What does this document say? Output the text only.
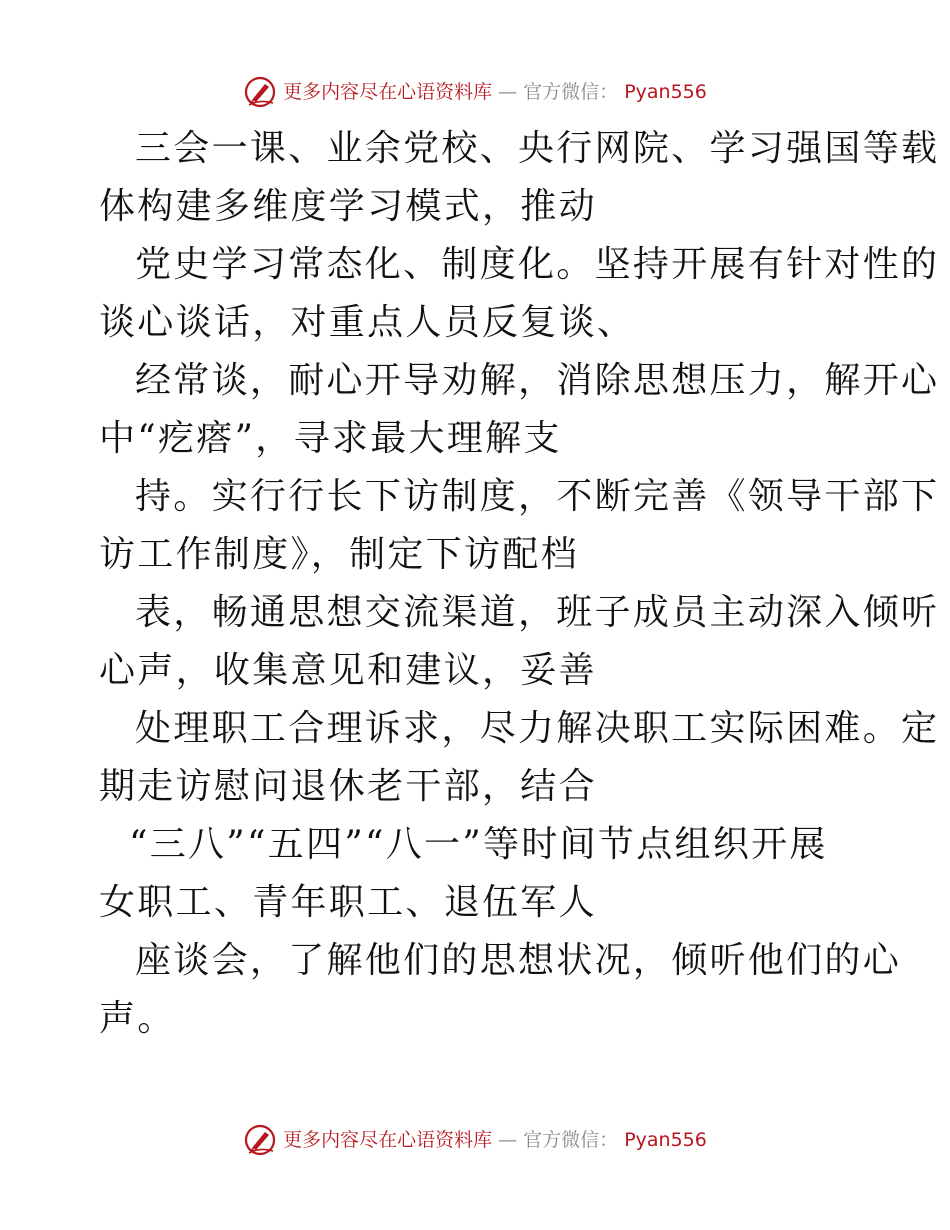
更多内容尽在心语资料库 — 官方微信： Pyan556
三会一课、业余党校、央行网院、学习强国等载
体构建多维度学习模式，推动
党史学习常态化、制度化。坚持开展有针对性的
谈心谈话，对重点人员反复谈、
经常谈，耐心开导劝解，消除思想压力，解开心
中“疙瘩”，寻求最大理解支
持。实行行长下访制度，不断完善《领导干部下
访工作制度》，制定下访配档
表，畅通思想交流渠道，班子成员主动深入倾听
心声，收集意见和建议，妥善
处理职工合理诉求，尽力解决职工实际困难。定
期走访慰问退休老干部，结合
“三八”“五四”“八一”等时间节点组织开展
女职工、青年职工、退伍军人
座谈会，了解他们的思想状况，倾听他们的心
声。
更多内容尽在心语资料库 — 官方微信： Pyan556
